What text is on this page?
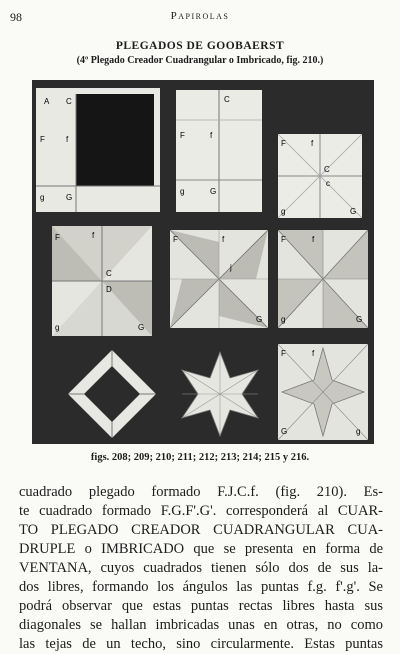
98	Papirolas
PLEGADOS DE GOOBAERST
(4º Plegado Creador Cuadrangular o Imbricado, fig. 210.)
A C
F	f
g	G
F	f
C
g	G
F	f
C
c
g	G
F	f
C
D
g	G
F	f
j
G
F	f
g	G
F	f
G	g
figs. 208; 209; 210; 211; 212; 213; 214; 215 y 216.
cuadrado plegado formado F.J.C.f. (fig. 210). Es-
te cuadrado formado F.G.F'.G'. corresponderá al CUAR-
TO PLEGADO CREADOR CUADRANGULAR CUA-
DRUPLE o IMBRICADO que se presenta en forma de
VENTANA, cuyos cuadrados tienen sólo dos de sus la-
dos libres, formando los ángulos las puntas f.g. f'.g'. Se
podrá observar que estas puntas rectas libres hasta sus
diagonales se hallan imbricadas unas en otras, no como
las tejas de un techo, sino circularmente. Estas puntas
